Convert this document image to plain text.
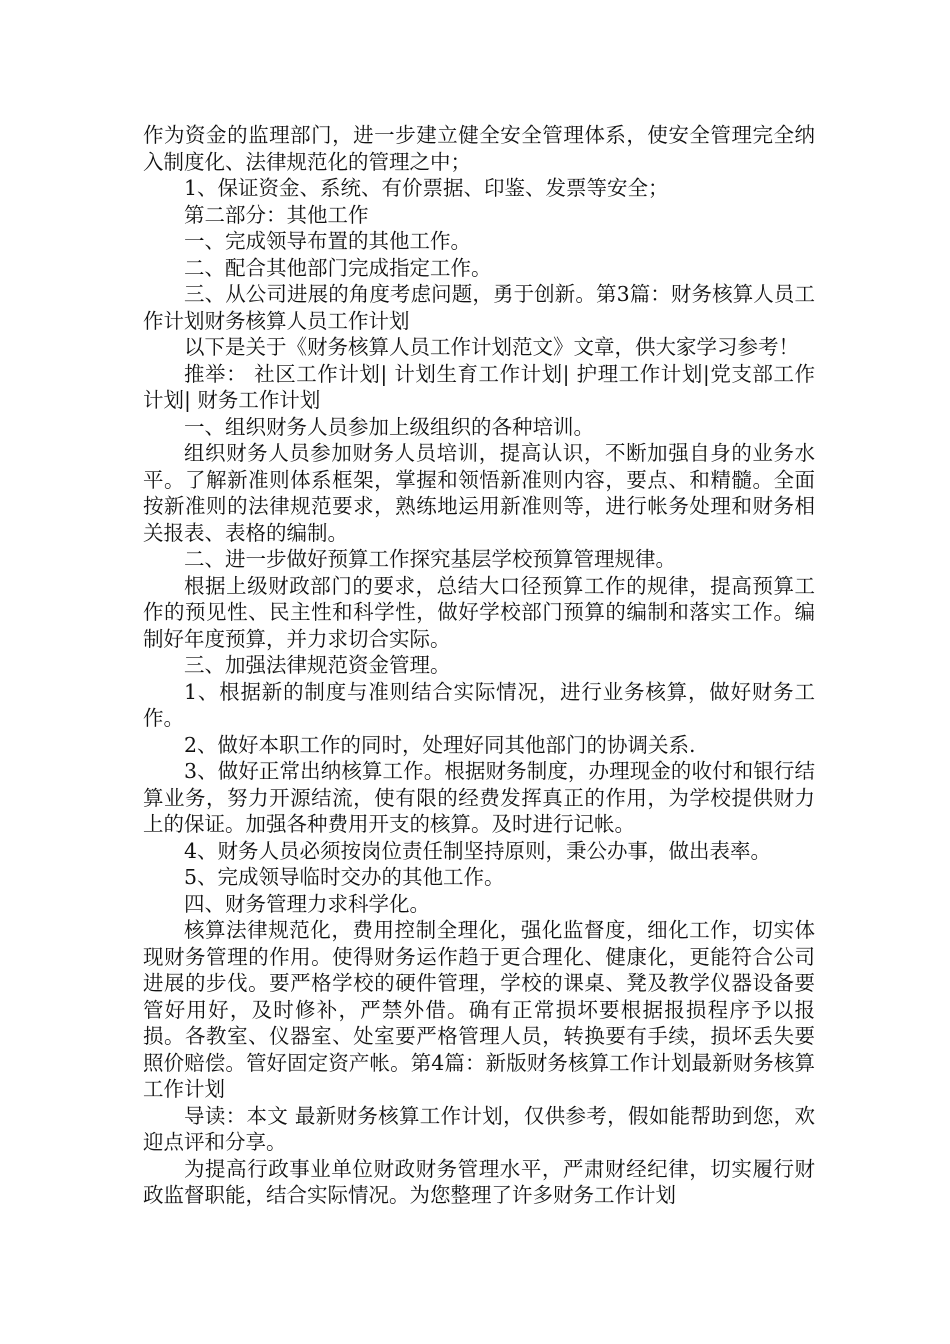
作为资金的监理部门，进一步建立健全安全管理体系，使安全管理完全纳入制度化、法律规范化的管理之中；

1、保证资金、系统、有价票据、印鉴、发票等安全；

第二部分：其他工作

一、完成领导布置的其他工作。

二、配合其他部门完成指定工作。

三、从公司进展的角度考虑问题，勇于创新。第3篇：财务核算人员工作计划财务核算人员工作计划

以下是关于《财务核算人员工作计划范文》文章，供大家学习参考！

推举： 社区工作计划| 计划生育工作计划| 护理工作计划|党支部工作计划| 财务工作计划

一、组织财务人员参加上级组织的各种培训。

组织财务人员参加财务人员培训，提高认识，不断加强自身的业务水平。了解新准则体系框架，掌握和领悟新准则内容，要点、和精髓。全面按新准则的法律规范要求，熟练地运用新准则等，进行帐务处理和财务相关报表、表格的编制。

二、进一步做好预算工作探究基层学校预算管理规律。

根据上级财政部门的要求，总结大口径预算工作的规律，提高预算工作的预见性、民主性和科学性，做好学校部门预算的编制和落实工作。编制好年度预算，并力求切合实际。

三、加强法律规范资金管理。

1、根据新的制度与准则结合实际情况，进行业务核算，做好财务工作。

2、做好本职工作的同时，处理好同其他部门的协调关系.

3、做好正常出纳核算工作。根据财务制度，办理现金的收付和银行结算业务，努力开源结流，使有限的经费发挥真正的作用，为学校提供财力上的保证。加强各种费用开支的核算。及时进行记帐。

4、财务人员必须按岗位责任制坚持原则，秉公办事，做出表率。

5、完成领导临时交办的其他工作。

四、财务管理力求科学化。

核算法律规范化，费用控制全理化，强化监督度，细化工作，切实体现财务管理的作用。使得财务运作趋于更合理化、健康化，更能符合公司进展的步伐。要严格学校的硬件管理，学校的课桌、凳及教学仪器设备要管好用好，及时修补，严禁外借。确有正常损坏要根据报损程序予以报损。各教室、仪器室、处室要严格管理人员，转换要有手续，损坏丢失要照价赔偿。管好固定资产帐。第4篇：新版财务核算工作计划最新财务核算工作计划

导读：本文 最新财务核算工作计划，仅供参考，假如能帮助到您，欢迎点评和分享。

为提高行政事业单位财政财务管理水平，严肃财经纪律，切实履行财政监督职能，结合实际情况。为您整理了许多财务工作计划
